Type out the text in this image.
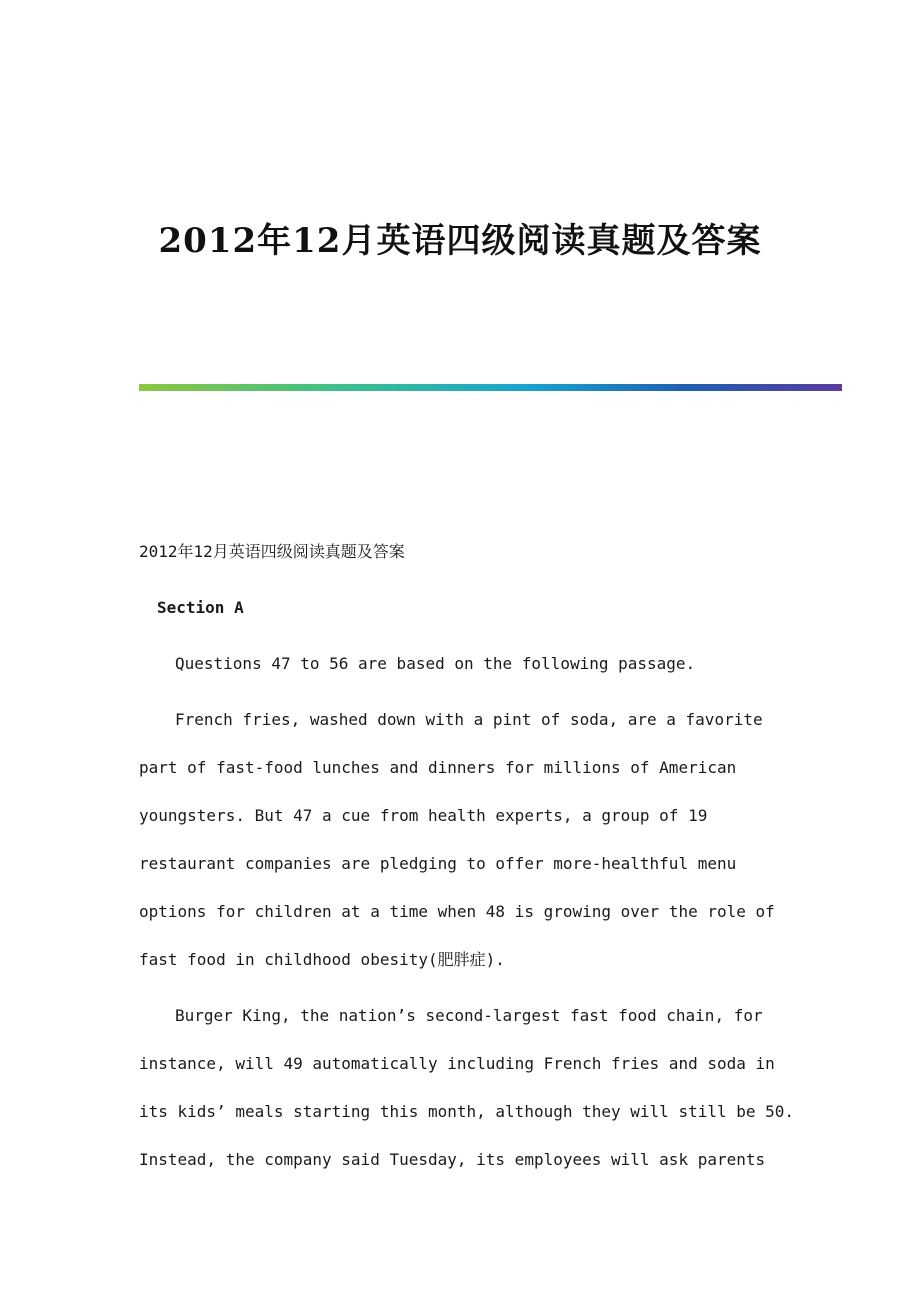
2012年12月英语四级阅读真题及答案
2012年12月英语四级阅读真题及答案
Section A
Questions 47 to 56 are based on the following passage.
French fries, washed down with a pint of soda, are a favorite
part of fast-food lunches and dinners for millions of American
youngsters. But 47 a cue from health experts, a group of 19
restaurant companies are pledging to offer more-healthful menu
options for children at a time when 48 is growing over the role of
fast food in childhood obesity(肥胖症).
Burger King, the nation’s second-largest fast food chain, for
instance, will 49 automatically including French fries and soda in
its kids’ meals starting this month, although they will still be 50.
Instead, the company said Tuesday, its employees will ask parents
